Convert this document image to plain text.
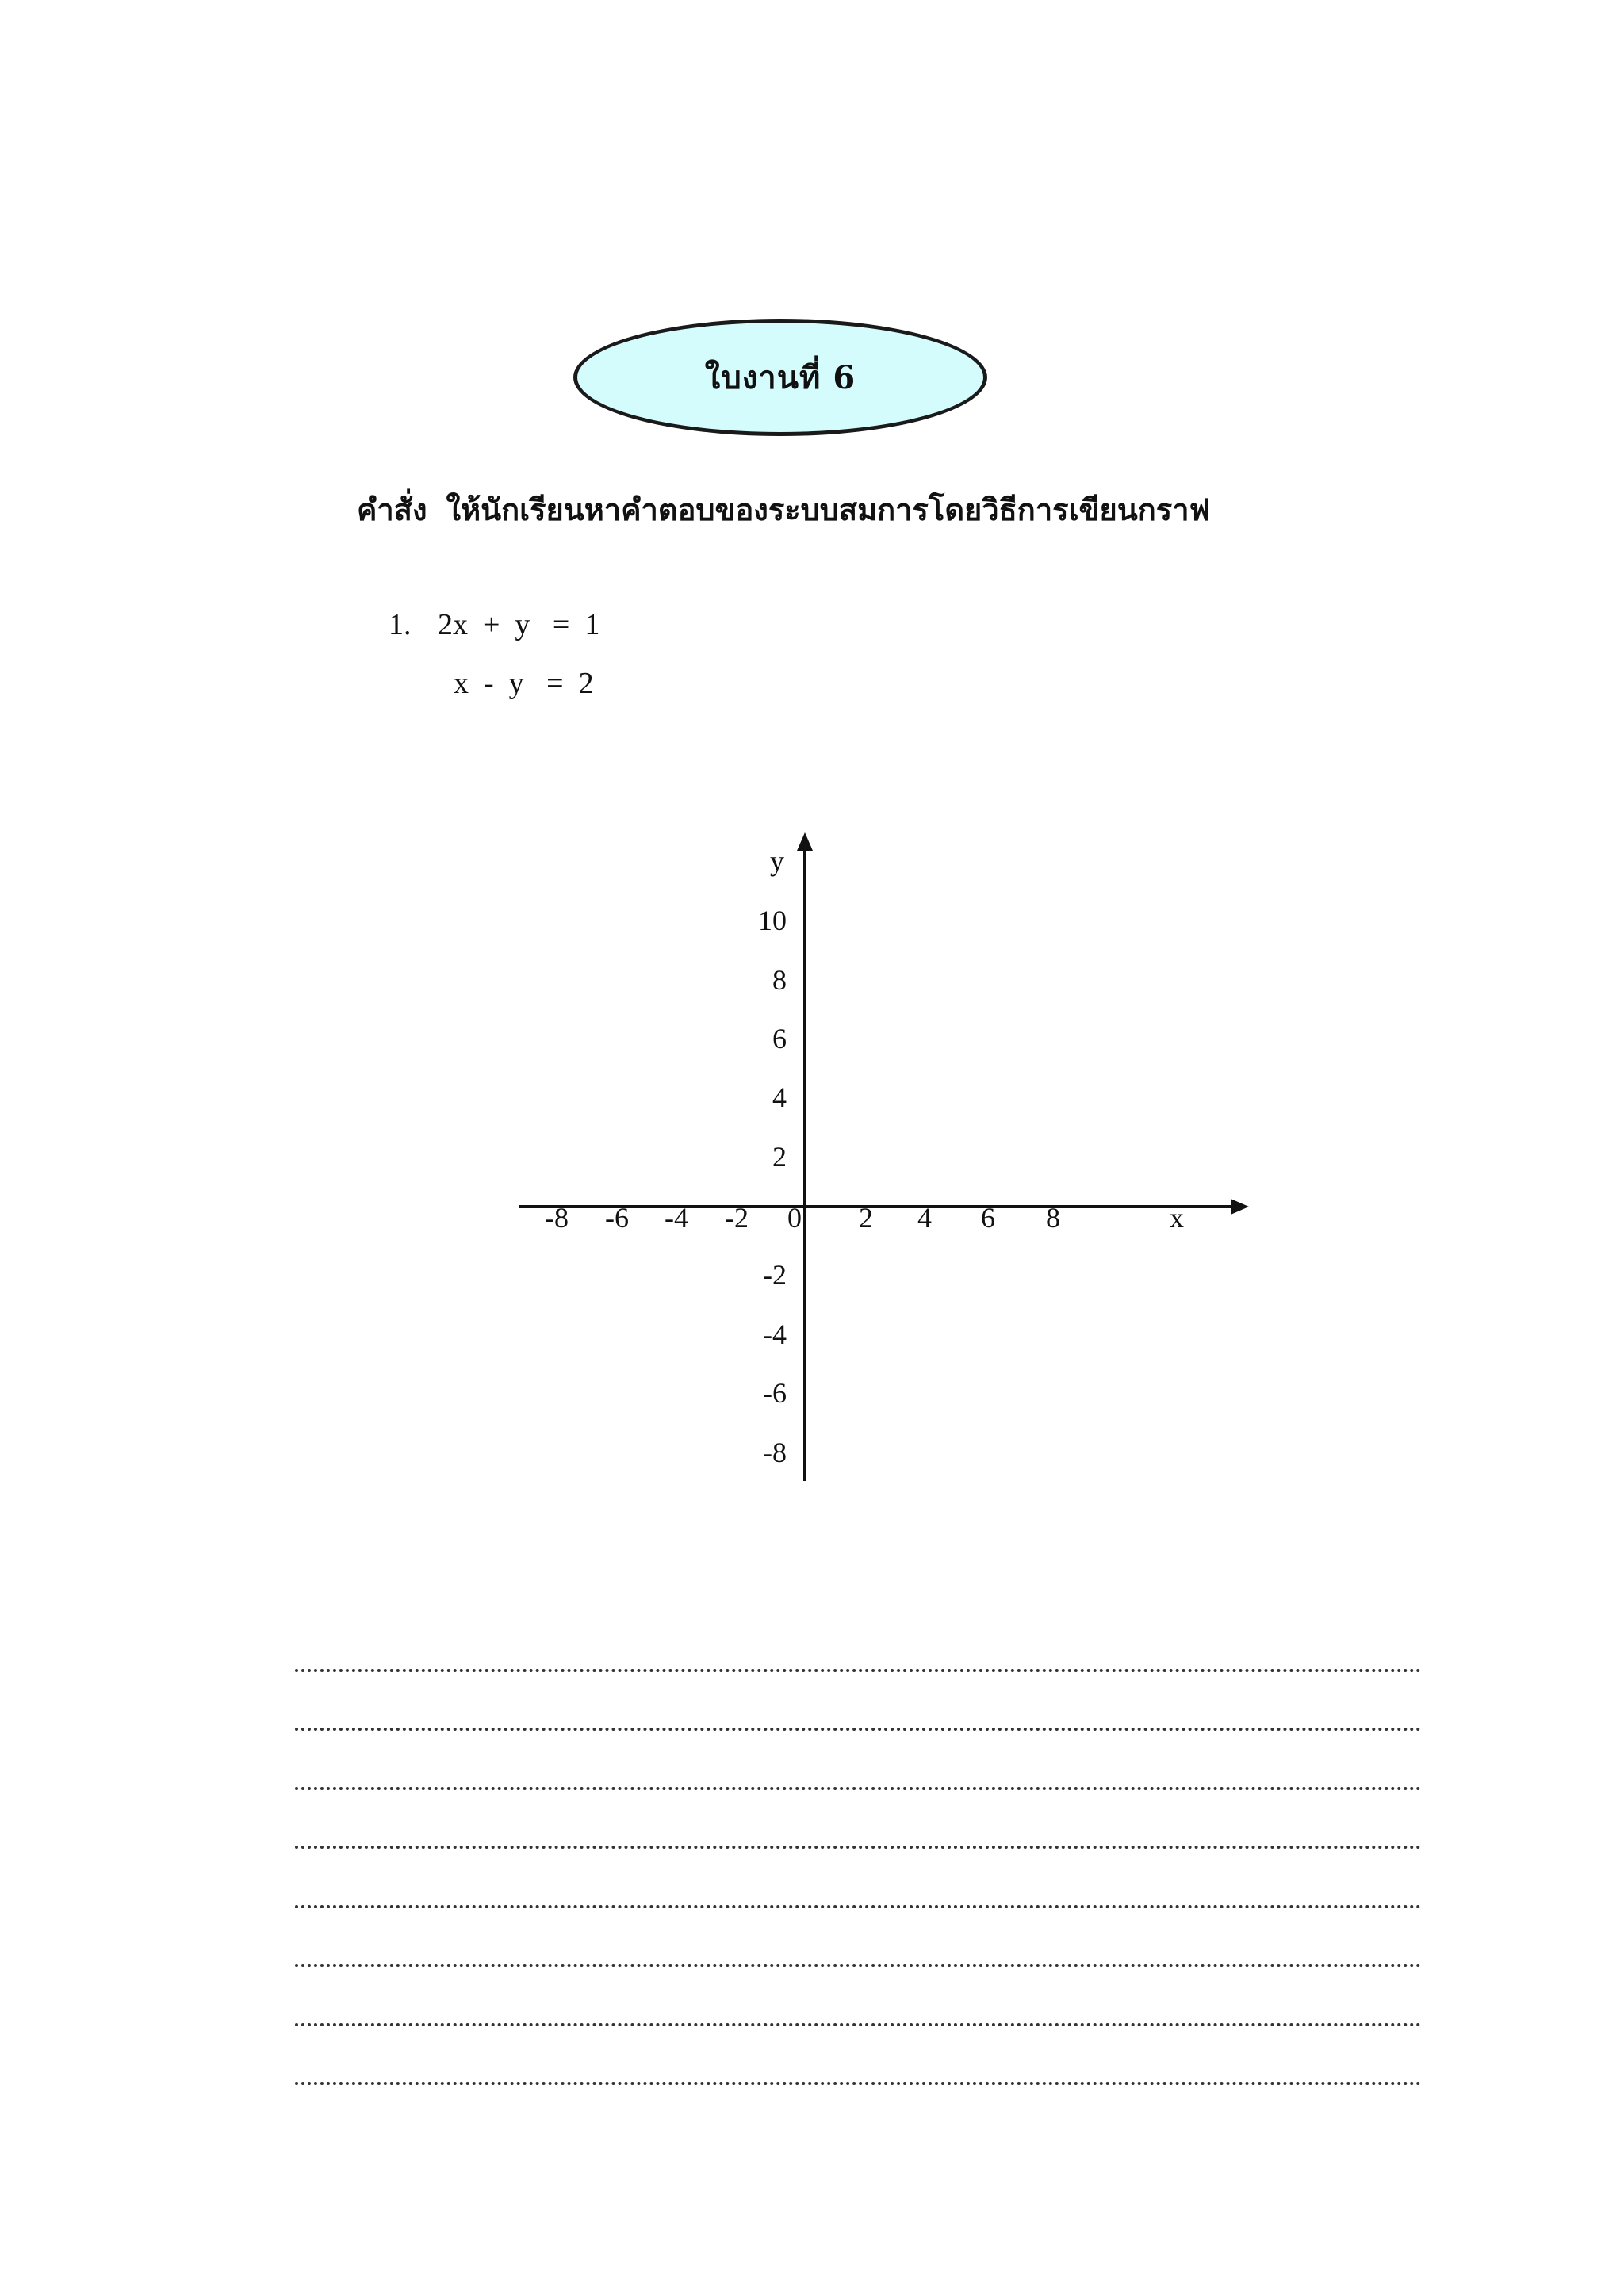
ใบงานที่ 6
คำสั่ง ให้นักเรียนหาคำตอบของระบบสมการโดยวิธีการเขียนกราฟ
1. 2x  +  y   =  1
x  -  y   =  2
y
x
0
10
8
6
4
2
-2
-4
-6
-8
-8 -6 -4 -2	2 4 6 8
